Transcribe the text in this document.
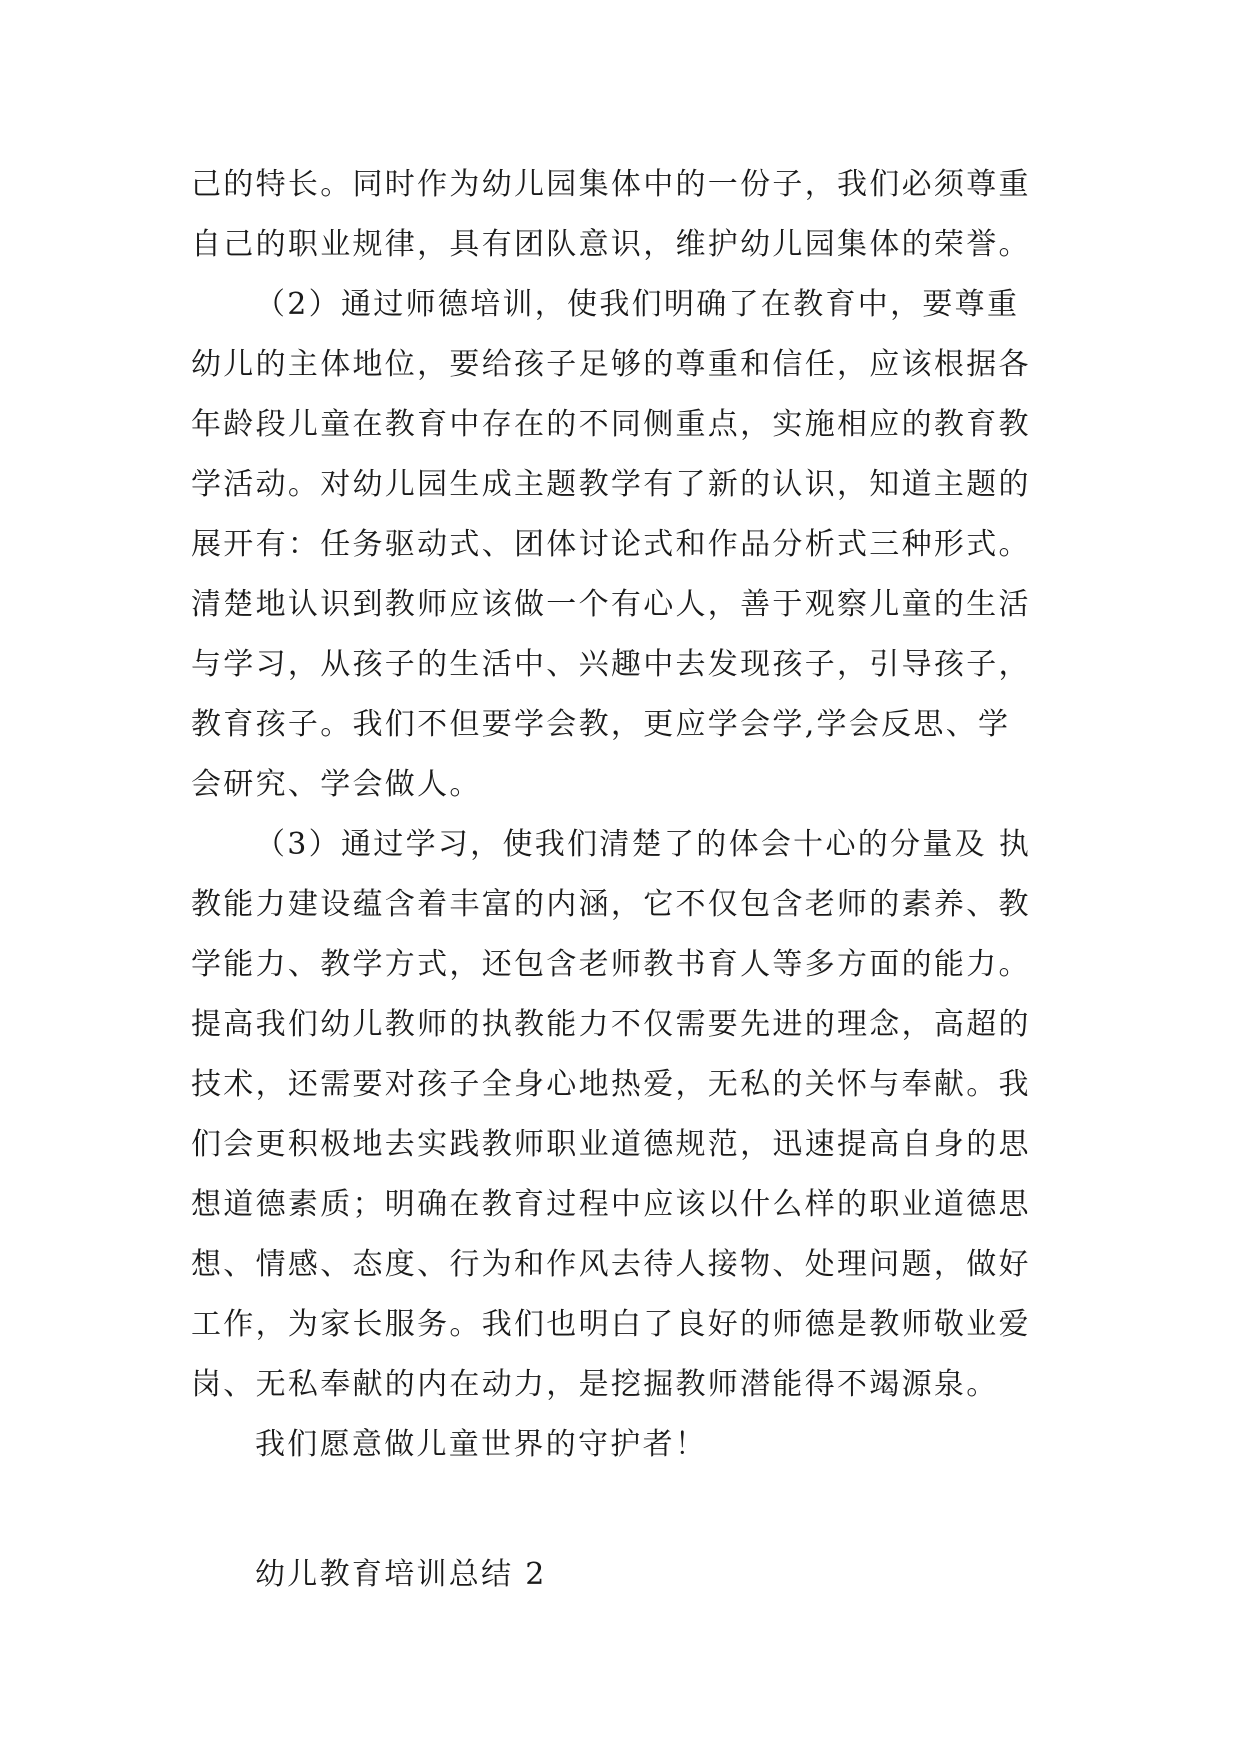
己的特长。同时作为幼儿园集体中的一份子，我们必须尊重

自己的职业规律，具有团队意识，维护幼儿园集体的荣誉。

（2）通过师德培训，使我们明确了在教育中，要尊重

幼儿的主体地位，要给孩子足够的尊重和信任，应该根据各

年龄段儿童在教育中存在的不同侧重点，实施相应的教育教

学活动。对幼儿园生成主题教学有了新的认识，知道主题的

展开有：任务驱动式、团体讨论式和作品分析式三种形式。

清楚地认识到教师应该做一个有心人，善于观察儿童的生活

与学习，从孩子的生活中、兴趣中去发现孩子，引导孩子，

教育孩子。我们不但要学会教，更应学会学,学会反思、学

会研究、学会做人。

（3）通过学习，使我们清楚了的体会十心的分量及 执

教能力建设蕴含着丰富的内涵，它不仅包含老师的素养、教

学能力、教学方式，还包含老师教书育人等多方面的能力。

提高我们幼儿教师的执教能力不仅需要先进的理念，高超的

技术，还需要对孩子全身心地热爱，无私的关怀与奉献。我

们会更积极地去实践教师职业道德规范，迅速提高自身的思

想道德素质；明确在教育过程中应该以什么样的职业道德思

想、情感、态度、行为和作风去待人接物、处理问题，做好

工作，为家长服务。我们也明白了良好的师德是教师敬业爱

岗、无私奉献的内在动力，是挖掘教师潜能得不竭源泉。

我们愿意做儿童世界的守护者！

幼儿教育培训总结 2
